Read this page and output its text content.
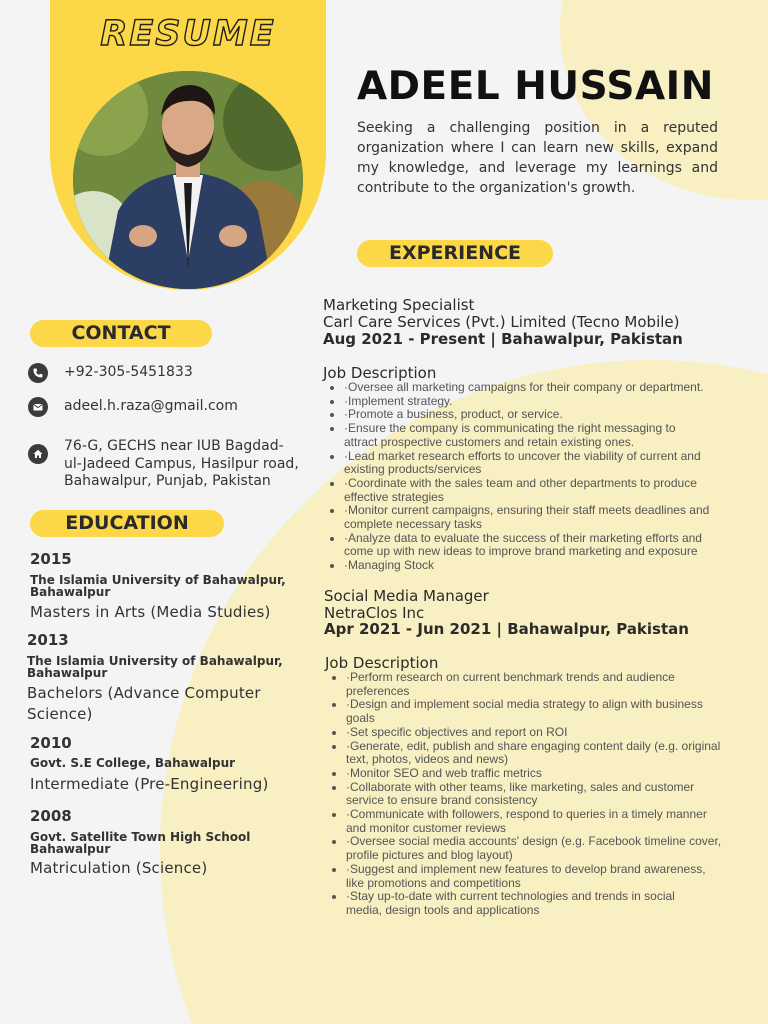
RESUME
ADEEL HUSSAIN
Seeking a challenging position in a reputed organization where I can learn new skills, expand my knowledge, and leverage my learnings and contribute to the organization's growth.
CONTACT
+92-305-5451833
adeel.h.raza@gmail.com
76-G, GECHS near IUB Bagdad-
ul-Jadeed Campus, Hasilpur road,
Bahawalpur, Punjab, Pakistan
EDUCATION
2015
The Islamia University of Bahawalpur,
Bahawalpur
Masters in Arts (Media Studies)
2013
The Islamia University of Bahawalpur,
Bahawalpur
Bachelors (Advance Computer
Science)
2010
Govt. S.E College, Bahawalpur
Intermediate (Pre-Engineering)
2008
Govt. Satellite Town High School
Bahawalpur
Matriculation (Science)
EXPERIENCE
Marketing Specialist
Carl Care Services (Pvt.) Limited (Tecno Mobile)
Aug 2021 - Present | Bahawalpur, Pakistan
Job Description
• ·Oversee all marketing campaigns for their company or department.
• ·Implement strategy.
• ·Promote a business, product, or service.
• ·Ensure the company is communicating the right messaging to
attract prospective customers and retain existing ones.
• ·Lead market research efforts to uncover the viability of current and
existing products/services
• ·Coordinate with the sales team and other departments to produce
effective strategies
• ·Monitor current campaigns, ensuring their staff meets deadlines and
complete necessary tasks
• ·Analyze data to evaluate the success of their marketing efforts and
come up with new ideas to improve brand marketing and exposure
• ·Managing Stock
Social Media Manager
NetraClos Inc
Apr 2021 - Jun 2021 | Bahawalpur, Pakistan
Job Description
• ·Perform research on current benchmark trends and audience
preferences
• ·Design and implement social media strategy to align with business
goals
• ·Set specific objectives and report on ROI
• ·Generate, edit, publish and share engaging content daily (e.g. original
text, photos, videos and news)
• ·Monitor SEO and web traffic metrics
• ·Collaborate with other teams, like marketing, sales and customer
service to ensure brand consistency
• ·Communicate with followers, respond to queries in a timely manner
and monitor customer reviews
• ·Oversee social media accounts' design (e.g. Facebook timeline cover,
profile pictures and blog layout)
• ·Suggest and implement new features to develop brand awareness,
like promotions and competitions
• ·Stay up-to-date with current technologies and trends in social
media, design tools and applications
